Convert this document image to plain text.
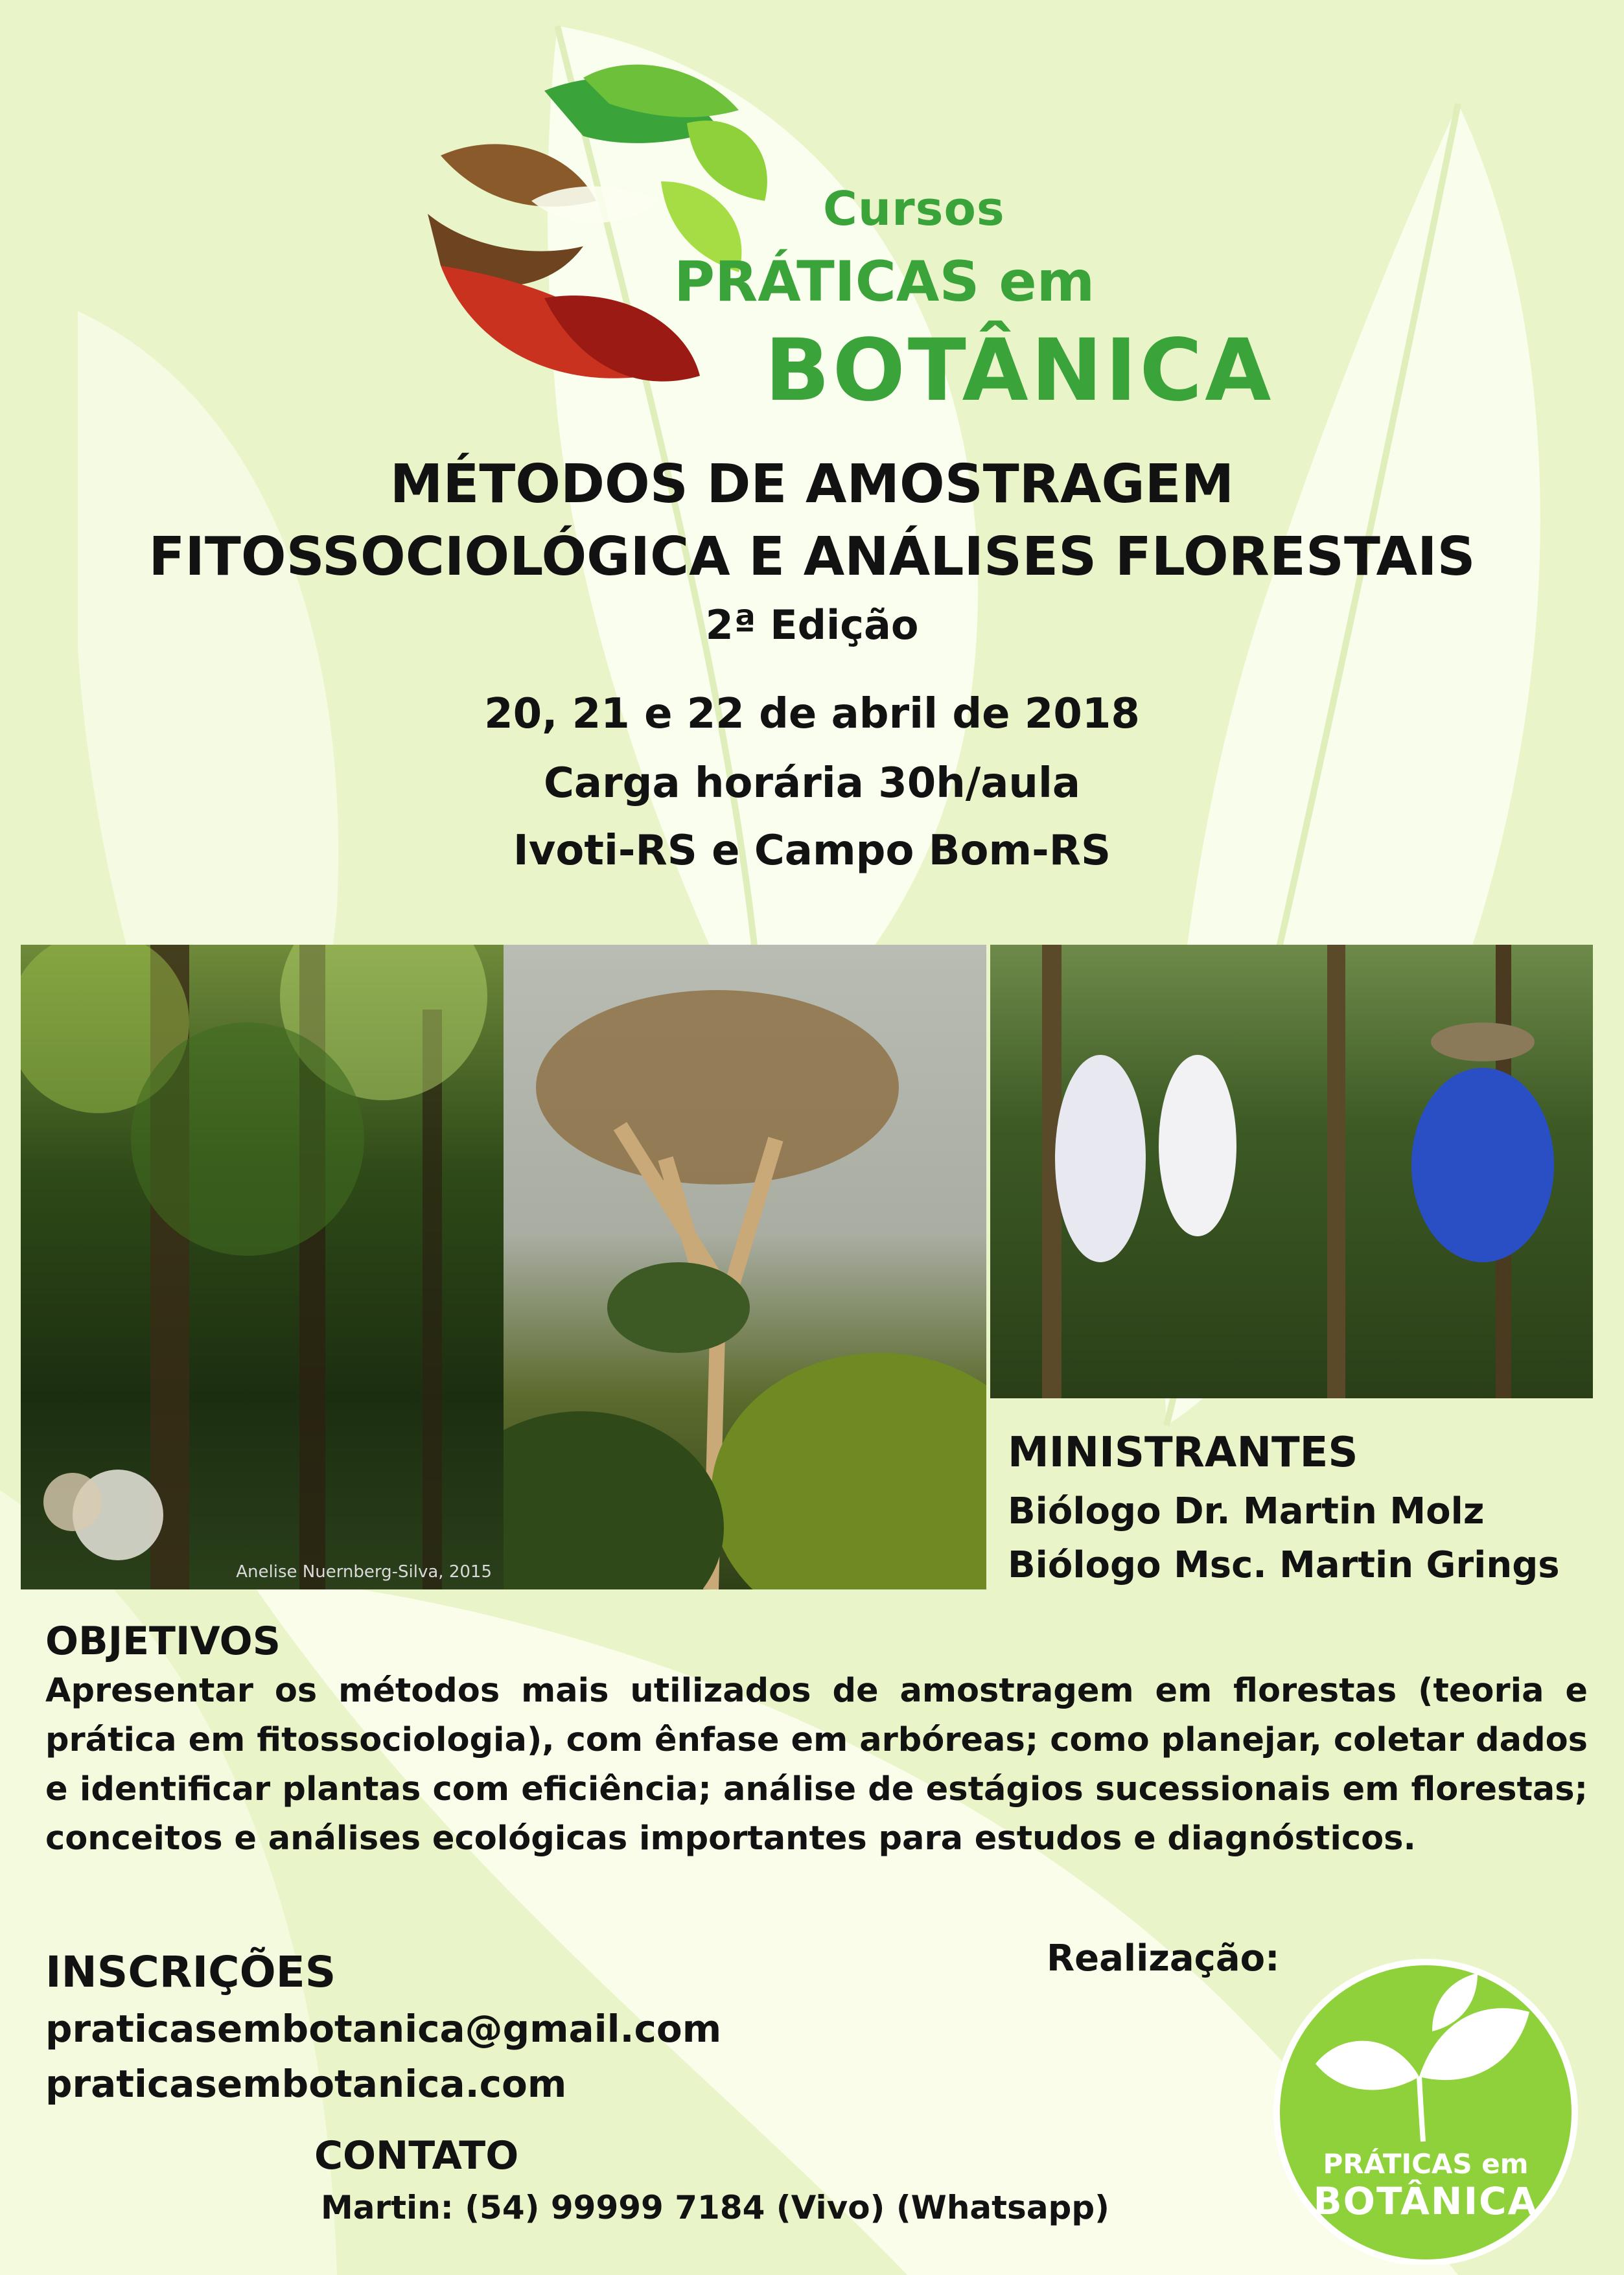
Cursos
PRÁTICAS em
BOTÂNICA
MÉTODOS DE AMOSTRAGEM
FITOSSOCIOLÓGICA E ANÁLISES FLORESTAIS
2ª Edição
20, 21 e 22 de abril de 2018
Carga horária 30h/aula
Ivoti-RS e Campo Bom-RS
Anelise Nuernberg-Silva, 2015
MINISTRANTES
Biólogo Dr. Martin Molz
Biólogo Msc. Martin Grings
OBJETIVOS
Apresentar os métodos mais utilizados de amostragem em florestas (teoria e prática em fitossociologia), com ênfase em arbóreas; como planejar, coletar dados e identificar plantas com eficiência; análise de estágios sucessionais em florestas; conceitos e análises ecológicas importantes para estudos e diagnósticos.
INSCRIÇÕES
praticasembotanica@gmail.com
praticasembotanica.com
CONTATO
Martin: (54) 99999 7184 (Vivo) (Whatsapp)
Realização:
PRÁTICAS em
BOTÂNICA
